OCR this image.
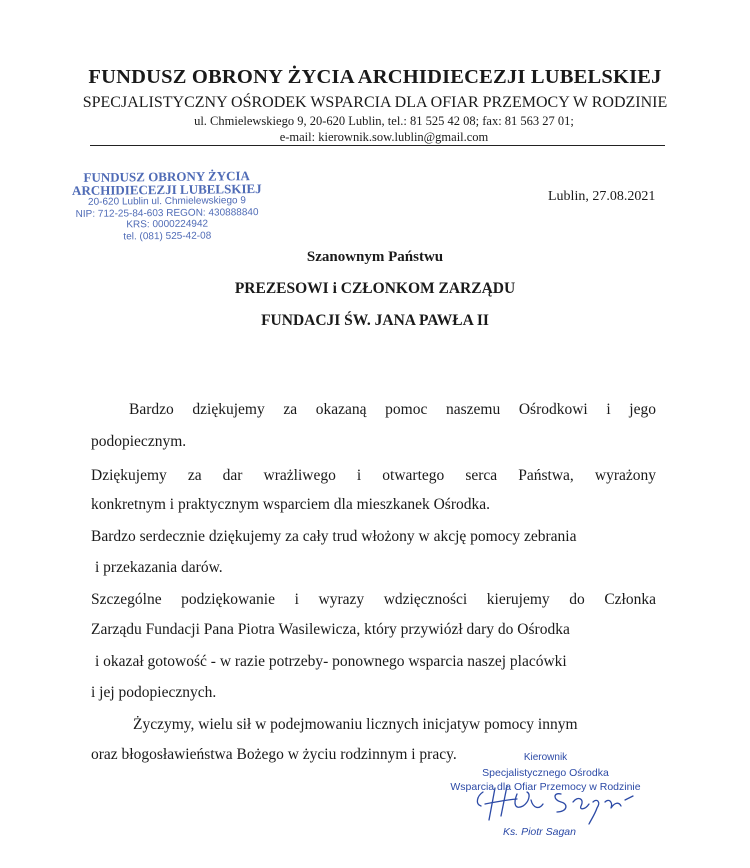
FUNDUSZ OBRONY ŻYCIA ARCHIDIECEZJI LUBELSKIEJ
SPECJALISTYCZNY OŚRODEK WSPARCIA DLA OFIAR PRZEMOCY W RODZINIE
ul. Chmielewskiego 9, 20-620 Lublin, tel.: 81 525 42 08; fax: 81 563 27 01;
e-mail: kierownik.sow.lublin@gmail.com
FUNDUSZ OBRONY ŻYCIA
ARCHIDIECEZJI LUBELSKIEJ
20-620 Lublin ul. Chmielewskiego 9
NIP: 712-25-84-603 REGON: 430888840
KRS: 0000224942
tel. (081) 525-42-08
Lublin, 27.08.2021
Szanownym Państwu
PREZESOWI i CZŁONKOM ZARZĄDU
FUNDACJI ŚW. JANA PAWŁA II
Bardzo dziękujemy za okazaną pomoc naszemu Ośrodkowi i jego
podopiecznym.
Dziękujemy za dar wrażliwego i otwartego serca Państwa, wyrażony
konkretnym i praktycznym wsparciem dla mieszkanek Ośrodka.
Bardzo serdecznie dziękujemy za cały trud włożony w akcję pomocy zebrania
i przekazania darów.
Szczególne podziękowanie i wyrazy wdzięczności kierujemy do Członka
Zarządu Fundacji Pana Piotra Wasilewicza, który przywiózł dary do Ośrodka
i okazał gotowość - w razie potrzeby- ponownego wsparcia naszej placówki
i jej podopiecznych.
Życzymy, wielu sił w podejmowaniu licznych inicjatyw pomocy innym
oraz błogosławieństwa Bożego w życiu rodzinnym i pracy.	Kierownik
Specjalistycznego Ośrodka
Wsparcia dla Ofiar Przemocy w Rodzinie
Ks. Piotr Sagan
